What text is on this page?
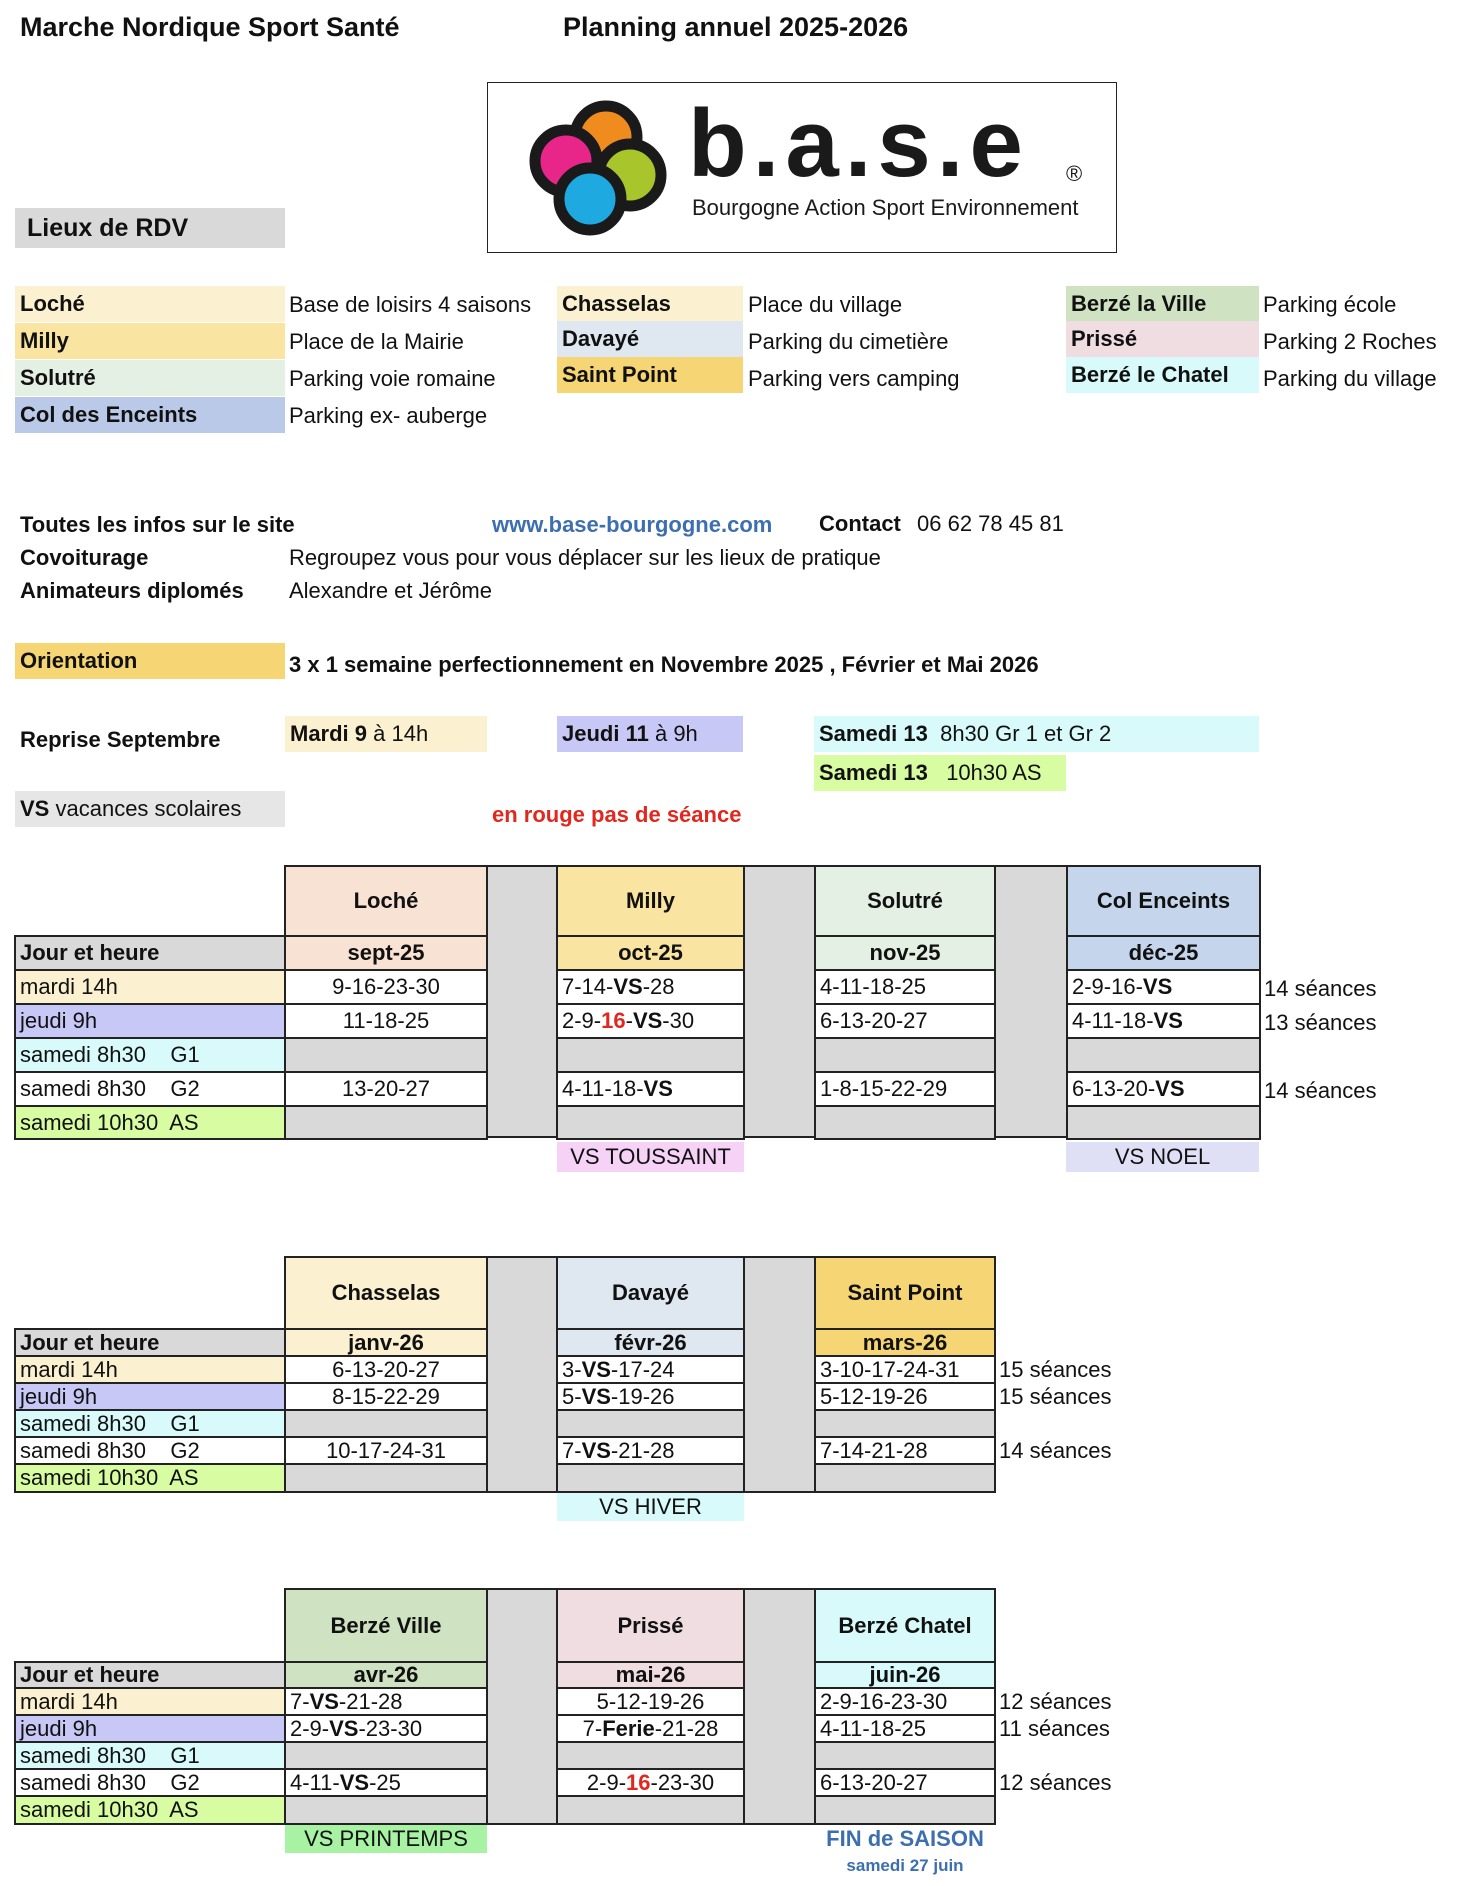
Marche Nordique Sport Santé	Planning annuel 2025-2026
b.a.s.e ®
Bourgogne Action Sport Environnement
Lieux de RDV
Loché	Base de loisirs 4 saisons
Milly	Place de la Mairie
Solutré	Parking voie romaine
Col des Enceints	Parking ex- auberge
Chasselas	Place du village
Davayé	Parking du cimetière
Saint Point	Parking vers camping
Berzé la Ville	Parking école
Prissé	Parking 2 Roches
Berzé le Chatel	Parking du village
Toutes les infos sur le site	www.base-bourgogne.com Contact 06 62 78 45 81
Covoiturage	Regroupez vous pour vous déplacer sur les lieux de pratique
Animateurs diplomés Alexandre et Jérôme
Orientation	3 x 1 semaine perfectionnement en Novembre 2025 , Février et Mai 2026
Reprise Septembre	Mardi 9 à 14h	Jeudi 11 à 9h	Samedi 13 8h30 Gr 1 et Gr 2
Samedi 13 10h30 AS
VS vacances scolaires	en rouge pas de séance
Loché	Milly	Solutré	Col Enceints
Jour et heure	sept-25	oct-25	nov-25	déc-25
mardi 14h	9-16-23-30	7-14-VS-28	4-11-18-25	2-9-16-VS	14 séances
jeudi 9h	11-18-25	2-9-16-VS-30	6-13-20-27	4-11-18-VS	13 séances
samedi 8h30    G1
samedi 8h30    G2	13-20-27	4-11-18-VS	1-8-15-22-29	6-13-20-VS	14 séances
samedi 10h30  AS
VS TOUSSAINT	VS NOEL
Chasselas	Davayé	Saint Point
Jour et heure	janv-26	févr-26	mars-26
mardi 14h	6-13-20-27	3-VS-17-24	3-10-17-24-31	15 séances
jeudi 9h	8-15-22-29	5-VS-19-26	5-12-19-26	15 séances
samedi 8h30    G1
samedi 8h30    G2	10-17-24-31	7-VS-21-28	7-14-21-28	14 séances
samedi 10h30  AS
VS HIVER
Berzé Ville	Prissé	Berzé Chatel
Jour et heure	avr-26	mai-26	juin-26
mardi 14h	7-VS-21-28	5-12-19-26	2-9-16-23-30	12 séances
jeudi 9h	2-9-VS-23-30	7-Ferie-21-28	4-11-18-25	11 séances
samedi 8h30    G1
samedi 8h30    G2	4-11-VS-25	2-9-16-23-30	6-13-20-27	12 séances
samedi 10h30  AS
VS PRINTEMPS	FIN de SAISON
samedi 27 juin
